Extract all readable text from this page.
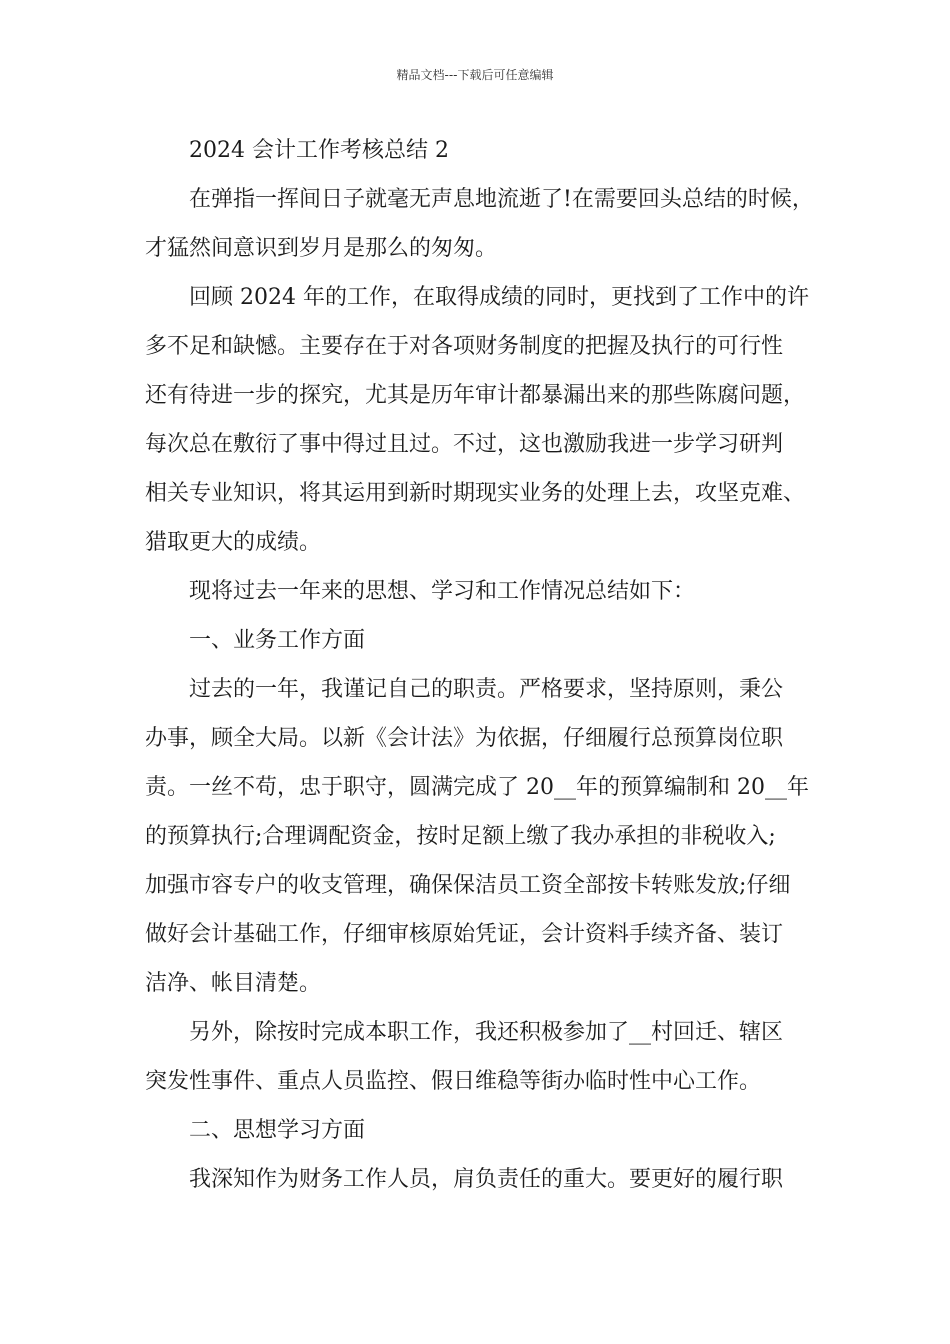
精品文档---下载后可任意编辑
2024 会计工作考核总结 2
在弹指一挥间日子就毫无声息地流逝了!在需要回头总结的时候，
才猛然间意识到岁月是那么的匆匆。
回顾 2024 年的工作，在取得成绩的同时，更找到了工作中的许
多不足和缺憾。主要存在于对各项财务制度的把握及执行的可行性
还有待进一步的探究，尤其是历年审计都暴漏出来的那些陈腐问题，
每次总在敷衍了事中得过且过。不过，这也激励我进一步学习研判
相关专业知识，将其运用到新时期现实业务的处理上去，攻坚克难、
猎取更大的成绩。
现将过去一年来的思想、学习和工作情况总结如下：
一、业务工作方面
过去的一年，我谨记自己的职责。严格要求，坚持原则，秉公
办事，顾全大局。以新《会计法》为依据，仔细履行总预算岗位职
责。一丝不苟，忠于职守，圆满完成了 20__年的预算编制和 20__年
的预算执行;合理调配资金，按时足额上缴了我办承担的非税收入;
加强市容专户的收支管理，确保保洁员工资全部按卡转账发放;仔细
做好会计基础工作，仔细审核原始凭证，会计资料手续齐备、装订
洁净、帐目清楚。
另外，除按时完成本职工作，我还积极参加了__村回迁、辖区
突发性事件、重点人员监控、假日维稳等街办临时性中心工作。
二、思想学习方面
我深知作为财务工作人员，肩负责任的重大。要更好的履行职
